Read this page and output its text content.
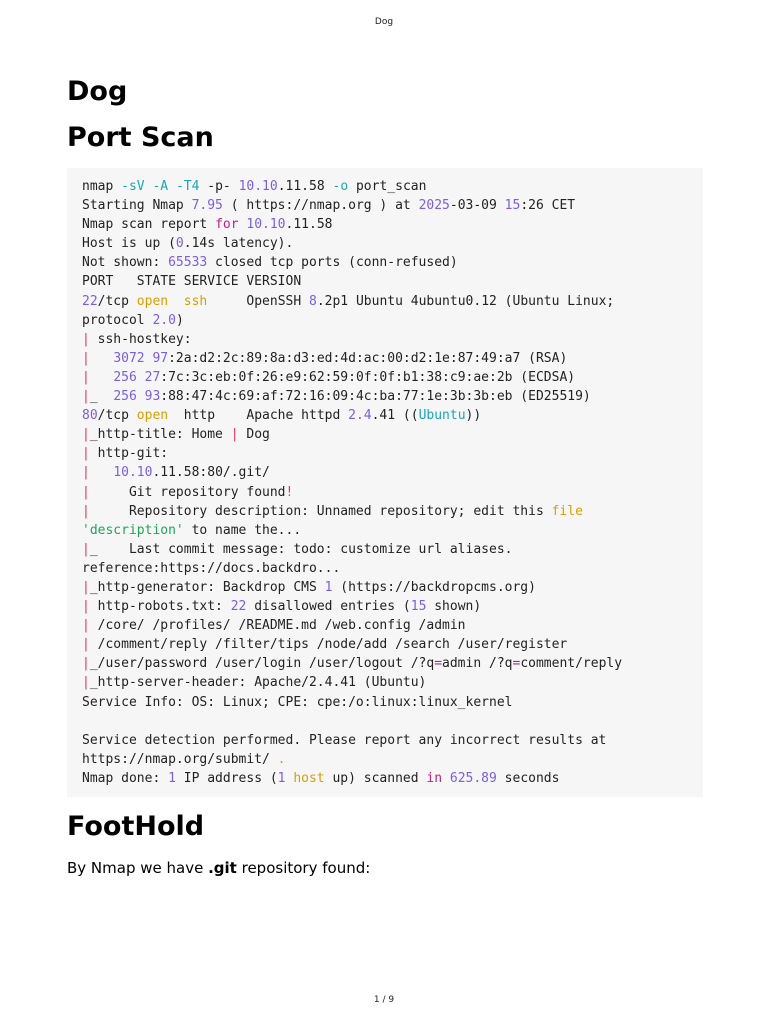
Dog
Dog
Port Scan
nmap -sV -A -T4 -p- 10.10.11.58 -o port_scan
Starting Nmap 7.95 ( https://nmap.org ) at 2025-03-09 15:26 CET
Nmap scan report for 10.10.11.58
Host is up (0.14s latency).
Not shown: 65533 closed tcp ports (conn-refused)
PORT   STATE SERVICE VERSION
22/tcp open ssh     OpenSSH 8.2p1 Ubuntu 4ubuntu0.12 (Ubuntu Linux;
protocol 2.0)
| ssh-hostkey:
| 3072 97:2a:d2:2c:89:8a:d3:ed:4d:ac:00:d2:1e:87:49:a7 (RSA)
| 256 27:7c:3c:eb:0f:26:e9:62:59:0f:0f:b1:38:c9:ae:2b (ECDSA)
|_  256 93:88:47:4c:69:af:72:16:09:4c:ba:77:1e:3b:3b:eb (ED25519)
80/tcp open  http    Apache httpd 2.4.41 ((Ubuntu))
|_http-title: Home | Dog
| http-git:
| 10.10.11.58:80/.git/
|     Git repository found!
|     Repository description: Unnamed repository; edit this file
'description' to name the...
|_    Last commit message: todo: customize url aliases.
reference:https://docs.backdro...
|_http-generator: Backdrop CMS 1 (https://backdropcms.org)
| http-robots.txt: 22 disallowed entries (15 shown)
| /core/ /profiles/ /README.md /web.config /admin
| /comment/reply /filter/tips /node/add /search /user/register
|_/user/password /user/login /user/logout /?q=admin /?q=comment/reply
|_http-server-header: Apache/2.4.41 (Ubuntu)
Service Info: OS: Linux; CPE: cpe:/o:linux:linux_kernel

Service detection performed. Please report any incorrect results at
https://nmap.org/submit/ .
Nmap done: 1 IP address (1 host up) scanned in 625.89 seconds
FootHold

By Nmap we have .git repository found:

1 / 9
